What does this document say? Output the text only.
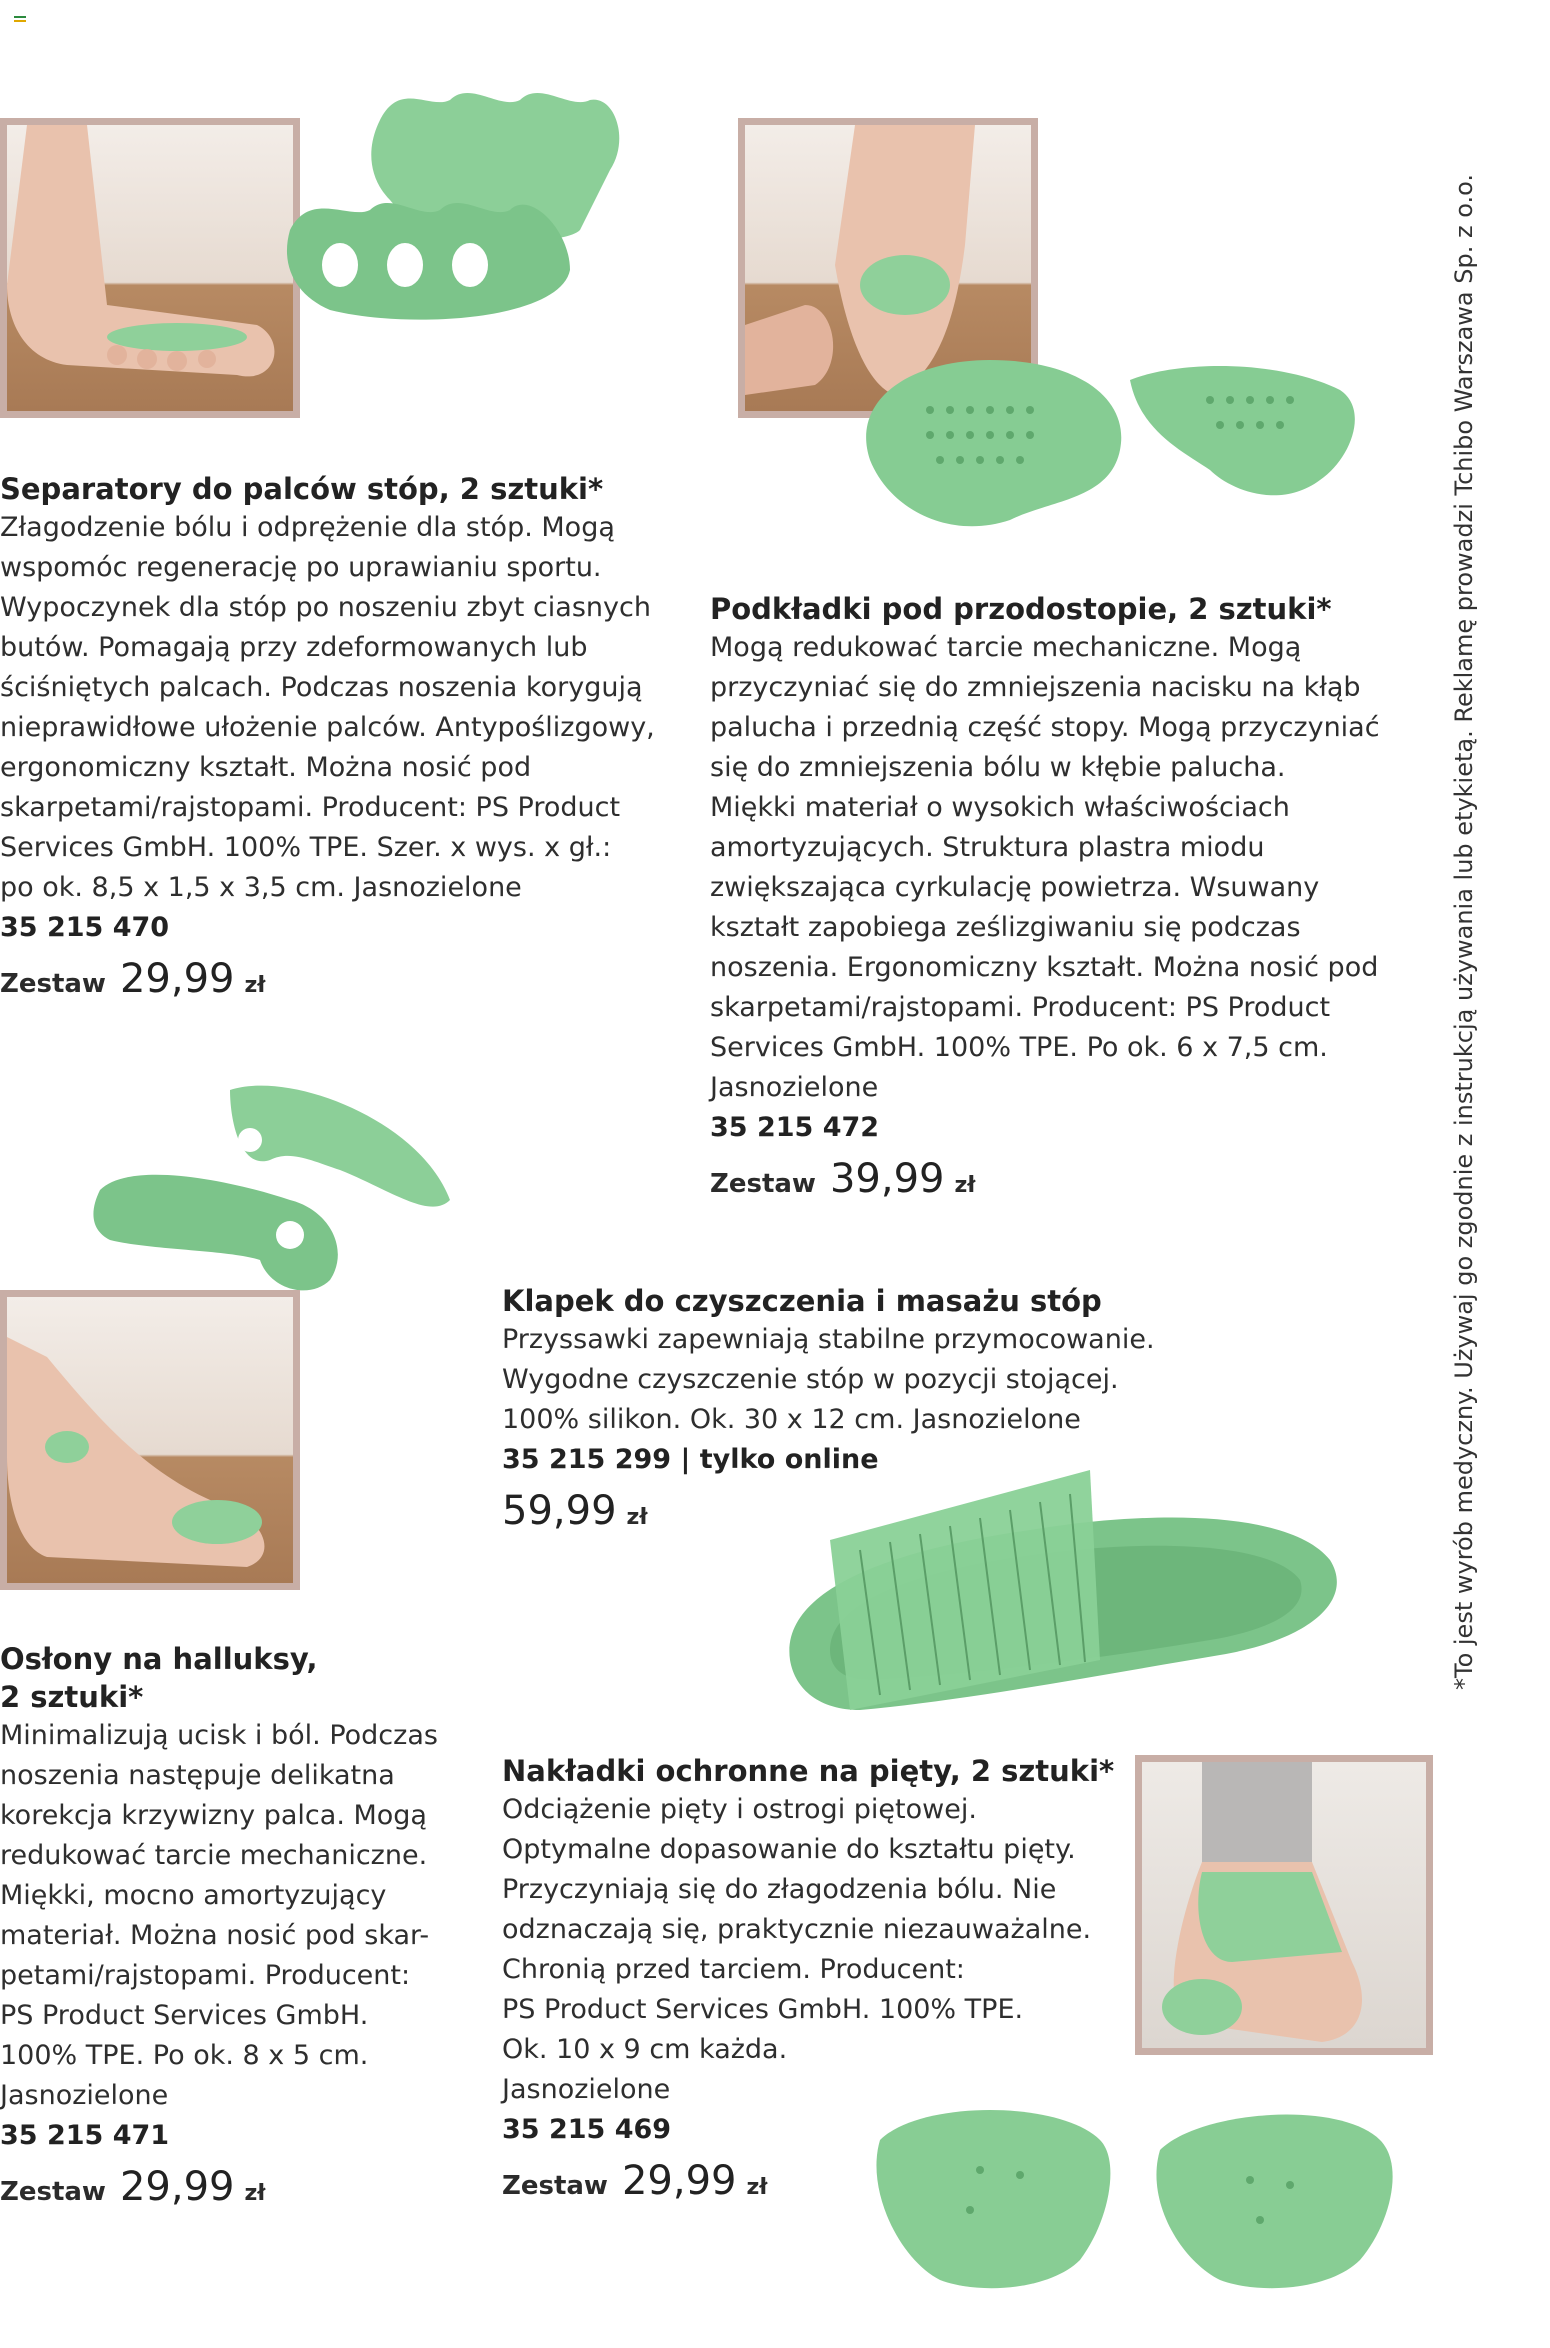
Separatory do palców stóp, 2 sztuki*

Złagodzenie bólu i odprężenie dla stóp. Mogą

wspomóc regenerację po uprawianiu sportu.

Wypoczynek dla stóp po noszeniu zbyt ciasnych

butów. Pomagają przy zdeformowanych lub

ściśniętych palcach. Podczas noszenia korygują

nieprawidłowe ułożenie palców. Antypoślizgowy,

ergonomiczny kształt. Można nosić pod

skarpetami/rajstopami. Producent: PS Product

Services GmbH. 100% TPE. Szer. x wys. x gł.:

po ok. 8,5 x 1,5 x 3,5 cm. Jasnozielone

35 215 470
Zestaw 29,99 zł

Podkładki pod przodostopie, 2 sztuki*

Mogą redukować tarcie mechaniczne. Mogą

przyczyniać się do zmniejszenia nacisku na kłąb

palucha i przednią część stopy. Mogą przyczyniać

się do zmniejszenia bólu w kłębie palucha.

Miękki materiał o wysokich właściwościach

amortyzujących. Struktura plastra miodu

zwiększająca cyrkulację powietrza. Wsuwany

kształt zapobiega ześlizgiwaniu się podczas

noszenia. Ergonomiczny kształt. Można nosić pod

skarpetami/rajstopami. Producent: PS Product

Services GmbH. 100% TPE. Po ok. 6 x 7,5 cm.

Jasnozielone

35 215 472
Zestaw 39,99 zł

Osłony na halluksy,

2 sztuki*

Minimalizują ucisk i ból. Podczas

noszenia następuje delikatna

korekcja krzywizny palca. Mogą

redukować tarcie mechaniczne.

Miękki, mocno amortyzujący

materiał. Można nosić pod skar-

petami/rajstopami. Producent:

PS Product Services GmbH.

100% TPE. Po ok. 8 x 5 cm.

Jasnozielone

35 215 471
Zestaw 29,99 zł

Klapek do czyszczenia i masażu stóp

Przyssawki zapewniają stabilne przymocowanie.

Wygodne czyszczenie stóp w pozycji stojącej.

100% silikon. Ok. 30 x 12 cm. Jasnozielone

35 215 299 | tylko online
59,99 zł

Nakładki ochronne na pięty, 2 sztuki*

Odciążenie pięty i ostrogi piętowej.

Optymalne dopasowanie do kształtu pięty.

Przyczyniają się do złagodzenia bólu. Nie

odznaczają się, praktycznie niezauważalne.

Chronią przed tarciem. Producent:

PS Product Services GmbH. 100% TPE.

Ok. 10 x 9 cm każda.

Jasnozielone

35 215 469
Zestaw 29,99 zł
*To jest wyrób medyczny. Używaj go zgodnie z instrukcją używania lub etykietą. Reklamę prowadzi Tchibo Warszawa Sp. z o.o.
